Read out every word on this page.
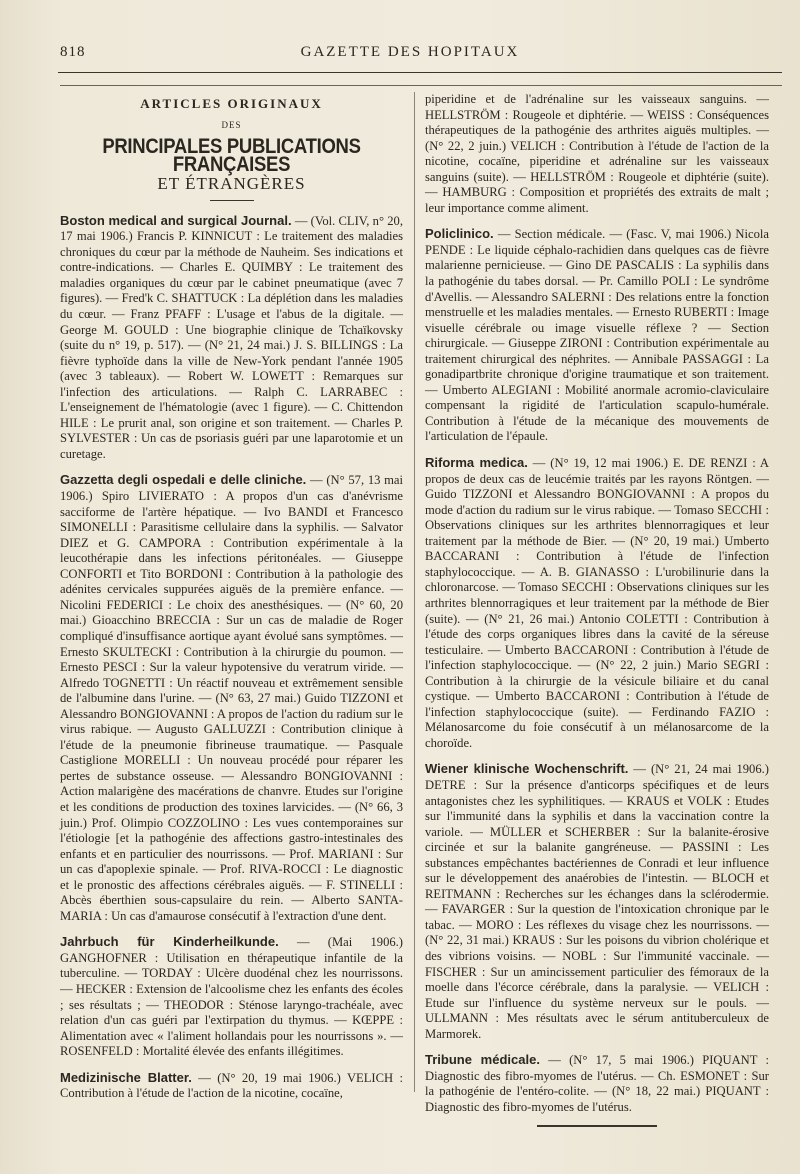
818	GAZETTE DES HOPITAUX
ARTICLES ORIGINAUX
DES
PRINCIPALES PUBLICATIONS FRANÇAISES
ET ÉTRANGÈRES

Boston medical and surgical Journal. — (Vol. CLIV, n° 20, 17 mai 1906.) Francis P. KINNICUT : Le traitement des maladies chroniques du cœur par la méthode de Nauheim. Ses indications et contre-indications. — Charles E. QUIMBY : Le traitement des maladies organiques du cœur par le cabinet pneumatique (avec 7 figures). — Fred'k C. SHATTUCK : La déplétion dans les maladies du cœur. — Franz PFAFF : L'usage et l'abus de la digitale. — George M. GOULD : Une biographie clinique de Tchaïkovsky (suite du n° 19, p. 517). — (N° 21, 24 mai.) J. S. BILLINGS : La fièvre typhoïde dans la ville de New-York pendant l'année 1905 (avec 3 tableaux). — Robert W. LOWETT : Remarques sur l'infection des articulations. — Ralph C. LARRABEC : L'enseignement de l'hématologie (avec 1 figure). — C. Chittendon HILE : Le prurit anal, son origine et son traitement. — Charles P. SYLVESTER : Un cas de psoriasis guéri par une laparotomie et un curetage.

Gazzetta degli ospedali e delle cliniche. — (N° 57, 13 mai 1906.) Spiro LIVIERATO : A propos d'un cas d'anévrisme sacciforme de l'artère hépatique. — Ivo BANDI et Francesco SIMONELLI : Parasitisme cellulaire dans la syphilis. — Salvator DIEZ et G. CAMPORA : Contribution expérimentale à la leucothérapie dans les infections péritonéales. — Giuseppe CONFORTI et Tito BORDONI : Contribution à la pathologie des adénites cervicales suppurées aiguës de la première enfance. — Nicolini FEDERICI : Le choix des anesthésiques. — (N° 60, 20 mai.) Gioacchino BRECCIA : Sur un cas de maladie de Roger compliqué d'insuffisance aortique ayant évolué sans symptômes. — Ernesto SKULTECKI : Contribution à la chirurgie du poumon. — Ernesto PESCI : Sur la valeur hypotensive du veratrum viride. — Alfredo TOGNETTI : Un réactif nouveau et extrêmement sensible de l'albumine dans l'urine. — (N° 63, 27 mai.) Guido TIZZONI et Alessandro BONGIOVANNI : A propos de l'action du radium sur le virus rabique. — Augusto GALLUZZI : Contribution clinique à l'étude de la pneumonie fibrineuse traumatique. — Pasquale Castiglione MORELLI : Un nouveau procédé pour réparer les pertes de substance osseuse. — Alessandro BONGIOVANNI : Action malarigène des macérations de chanvre. Etudes sur l'origine et les conditions de production des toxines larvicides. — (N° 66, 3 juin.) Prof. Olimpio COZZOLINO : Les vues contemporaines sur l'étiologie [et la pathogénie des affections gastro-intestinales des enfants et en particulier des nourrissons. — Prof. MARIANI : Sur un cas d'apoplexie spinale. — Prof. RIVA-ROCCI : Le diagnostic et le pronostic des affections cérébrales aiguës. — F. STINELLI : Abcès éberthien sous-capsulaire du rein. — Alberto SANTA-MARIA : Un cas d'amaurose consécutif à l'extraction d'une dent.

Jahrbuch für Kinderheilkunde. — (Mai 1906.) GANGHOFNER : Utilisation en thérapeutique infantile de la tuberculine. — TORDAY : Ulcère duodénal chez les nourrissons. — HECKER : Extension de l'alcoolisme chez les enfants des écoles ; ses résultats ; — THEODOR : Sténose laryngo-trachéale, avec relation d'un cas guéri par l'extirpation du thymus. — KŒPPE : Alimentation avec « l'aliment hollandais pour les nourrissons ». — ROSENFELD : Mortalité élevée des enfants illégitimes.

Medizinische Blatter. — (N° 20, 19 mai 1906.) VELICH : Contribution à l'étude de l'action de la nicotine, cocaïne,

piperidine et de l'adrénaline sur les vaisseaux sanguins. — HELLSTRÖM : Rougeole et diphtérie. — WEISS : Conséquences thérapeutiques de la pathogénie des arthrites aiguës multiples. — (N° 22, 2 juin.) VELICH : Contribution à l'étude de l'action de la nicotine, cocaïne, piperidine et adrénaline sur les vaisseaux sanguins (suite). — HELLSTRÖM : Rougeole et diphtérie (suite). — HAMBURG : Composition et propriétés des extraits de malt ; leur importance comme aliment.

Policlinico. — Section médicale. — (Fasc. V, mai 1906.) Nicola PENDE : Le liquide céphalo-rachidien dans quelques cas de fièvre malarienne pernicieuse. — Gino DE PASCALIS : La syphilis dans la pathogénie du tabes dorsal. — Pr. Camillo POLI : Le syndrôme d'Avellis. — Alessandro SALERNI : Des relations entre la fonction menstruelle et les maladies mentales. — Ernesto RUBERTI : Image visuelle cérébrale ou image visuelle réflexe ? — Section chirurgicale. — Giuseppe ZIRONI : Contribution expérimentale au traitement chirurgical des néphrites. — Annibale PASSAGGI : La gonadipartbrite chronique d'origine traumatique et son traitement. — Umberto ALEGIANI : Mobilité anormale acromio-claviculaire compensant la rigidité de l'articulation scapulo-humérale. Contribution à l'étude de la mécanique des mouvements de l'articulation de l'épaule.

Riforma medica. — (N° 19, 12 mai 1906.) E. DE RENZI : A propos de deux cas de leucémie traités par les rayons Röntgen. — Guido TIZZONI et Alessandro BONGIOVANNI : A propos du mode d'action du radium sur le virus rabique. — Tomaso SECCHI : Observations cliniques sur les arthrites blennorragiques et leur traitement par la méthode de Bier. — (N° 20, 19 mai.) Umberto BACCARANI : Contribution à l'étude de l'infection staphylococcique. — A. B. GIANASSO : L'urobilinurie dans la chloronarcose. — Tomaso SECCHI : Observations cliniques sur les arthrites blennorragiques et leur traitement par la méthode de Bier (suite). — (N° 21, 26 mai.) Antonio COLETTI : Contribution à l'étude des corps organiques libres dans la cavité de la séreuse testiculaire. — Umberto BACCARONI : Contribution à l'étude de l'infection staphylococcique. — (N° 22, 2 juin.) Mario SEGRI : Contribution à la chirurgie de la vésicule biliaire et du canal cystique. — Umberto BACCARONI : Contribution à l'étude de l'infection staphylococcique (suite). — Ferdinando FAZIO : Mélanosarcome du foie consécutif à un mélanosarcome de la choroïde.

Wiener klinische Wochenschrift. — (N° 21, 24 mai 1906.) DETRE : Sur la présence d'anticorps spécifiques et de leurs antagonistes chez les syphilitiques. — KRAUS et VOLK : Etudes sur l'immunité dans la syphilis et dans la vaccination contre la variole. — MÜLLER et SCHERBER : Sur la balanite-érosive circinée et sur la balanite gangréneuse. — PASSINI : Les substances empêchantes bactériennes de Conradi et leur influence sur le développement des anaérobies de l'intestin. — BLOCH et REITMANN : Recherches sur les échanges dans la sclérodermie. — FAVARGER : Sur la question de l'intoxication chronique par le tabac. — MORO : Les réflexes du visage chez les nourrissons. — (N° 22, 31 mai.) KRAUS : Sur les poisons du vibrion cholérique et des vibrions voisins. — NOBL : Sur l'immunité vaccinale. — FISCHER : Sur un amincissement particulier des fémoraux de la moelle dans l'écorce cérébrale, dans la paralysie. — VELICH : Etude sur l'influence du système nerveux sur le pouls. — ULLMANN : Mes résultats avec le sérum antituberculeux de Marmorek.

Tribune médicale. — (N° 17, 5 mai 1906.) PIQUANT : Diagnostic des fibro-myomes de l'utérus. — Ch. ESMONET : Sur la pathogénie de l'entéro-colite. — (N° 18, 22 mai.) PIQUANT : Diagnostic des fibro-myomes de l'utérus.
